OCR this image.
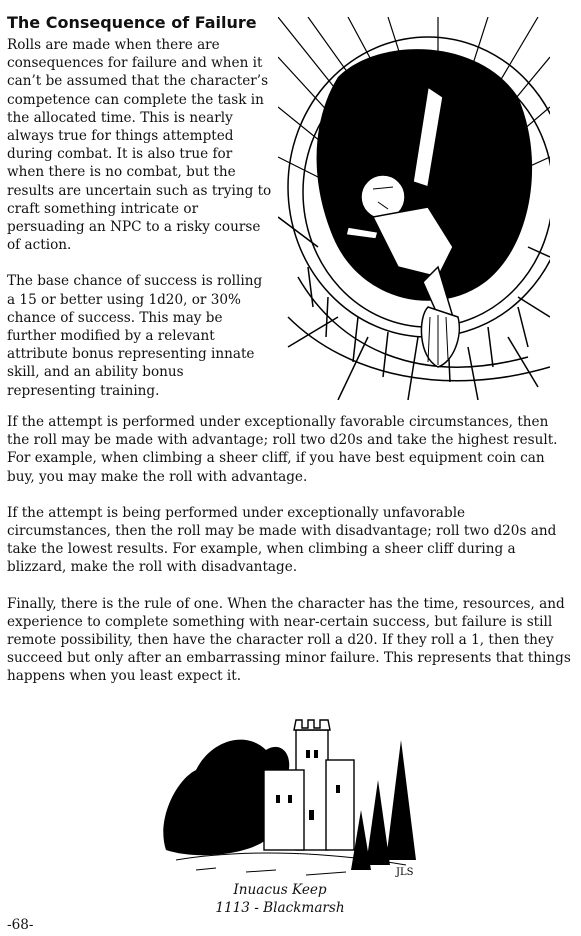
The Consequence of Failure

Rolls are made when there are consequences for failure and when it can’t be assumed that the character’s competence can complete the task in the allocated time. This is nearly always true for things attempted during combat. It is also true for when there is no combat, but the results are uncertain such as trying to craft something intricate or persuading an NPC to a risky course of action.

The base chance of success is rolling a 15 or better using 1d20, or 30% chance of success. This may be further modified by a relevant attribute bonus representing innate skill, and an ability bonus representing training.

If the attempt is performed under exceptionally favorable circumstances, then the roll may be made with advantage; roll two d20s and take the highest result. For example, when climbing a sheer cliff, if you have best equipment coin can buy, you may make the roll with advantage.

If the attempt is being performed under exceptionally unfavorable circumstances, then the roll may be made with disadvantage; roll two d20s and take the lowest results. For example, when climbing a sheer cliff during a blizzard, make the roll with disadvantage.

Finally, there is the rule of one. When the character has the time, resources, and experience to complete something with near-certain success, but failure is still remote possibility, then have the character roll a d20. If they roll a 1, then they succeed but only after an embarrassing minor failure. This represents that things happens when you least expect it.

JLS
Inuacus Keep
1113 - Blackmarsh
-68-
